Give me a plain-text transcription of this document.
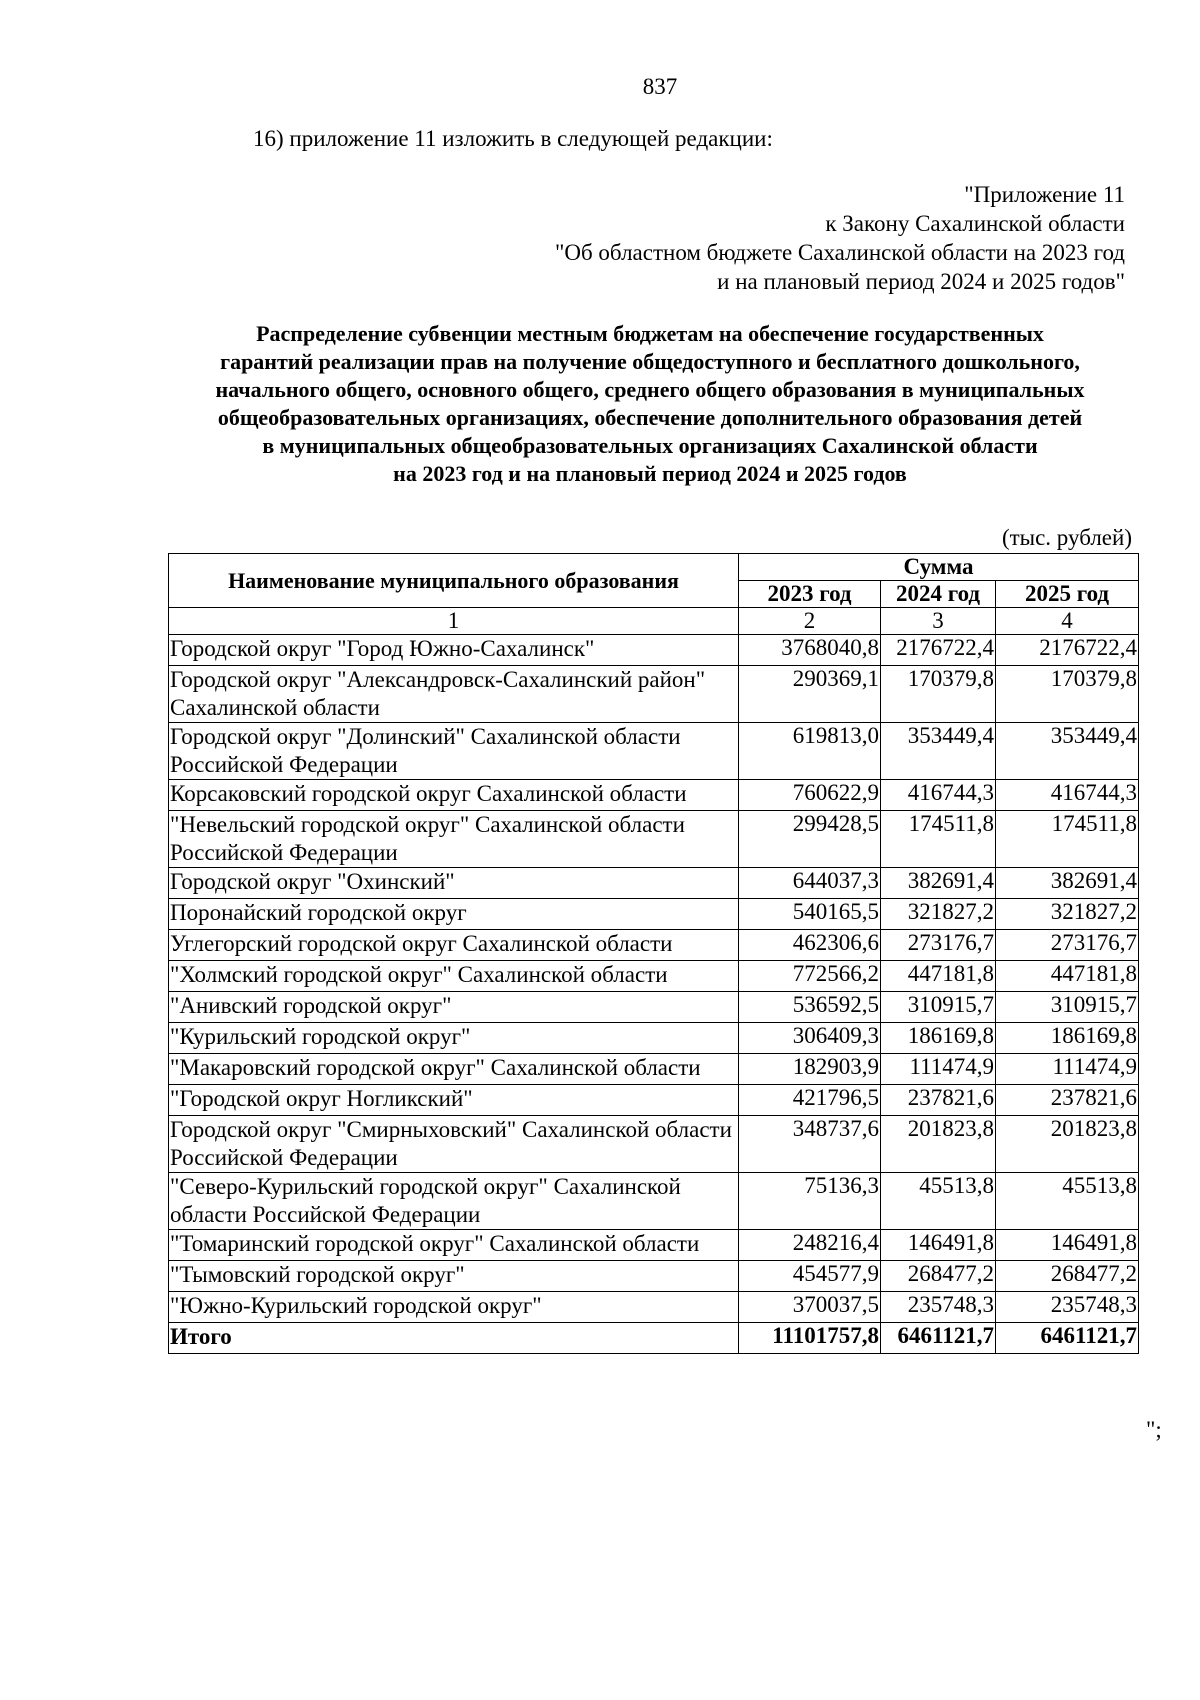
837
16) приложение 11 изложить в следующей редакции:
"Приложение 11
к Закону Сахалинской области
"Об областном бюджете Сахалинской области на 2023 год
и на плановый период 2024 и 2025 годов"
Распределение субвенции местным бюджетам на обеспечение государственных
гарантий реализации прав на получение общедоступного и бесплатного дошкольного,
начального общего, основного общего, среднего общего образования в муниципальных
общеобразовательных организациях, обеспечение дополнительного образования детей
в муниципальных общеобразовательных организациях Сахалинской области
на 2023 год и на плановый период 2024 и 2025 годов
(тыс. рублей)
Наименование муниципального образования	Сумма		
	2023 год	2024 год	2025 год
1	2	3	4
Городской округ "Город Южно-Сахалинск"	3768040,8	2176722,4	2176722,4
Городской округ "Александровск-Сахалинский район" Сахалинской области	290369,1	170379,8	170379,8
Городской округ "Долинский" Сахалинской области Российской Федерации	619813,0	353449,4	353449,4
Корсаковский городской округ Сахалинской области	760622,9	416744,3	416744,3
"Невельский городской округ" Сахалинской области Российской Федерации	299428,5	174511,8	174511,8
Городской округ "Охинский"	644037,3	382691,4	382691,4
Поронайский городской округ	540165,5	321827,2	321827,2
Углегорский городской округ Сахалинской области	462306,6	273176,7	273176,7
"Холмский городской округ" Сахалинской области	772566,2	447181,8	447181,8
"Анивский городской округ"	536592,5	310915,7	310915,7
"Курильский городской округ"	306409,3	186169,8	186169,8
"Макаровский городской округ" Сахалинской области	182903,9	111474,9	111474,9
"Городской округ Ногликский"	421796,5	237821,6	237821,6
Городской округ "Смирныховский" Сахалинской области Российской Федерации	348737,6	201823,8	201823,8
"Северо-Курильский городской округ" Сахалинской области Российской Федерации	75136,3	45513,8	45513,8
"Томаринский городской округ" Сахалинской области	248216,4	146491,8	146491,8
"Тымовский городской округ"	454577,9	268477,2	268477,2
"Южно-Курильский городской округ"	370037,5	235748,3	235748,3
Итого	11101757,8	6461121,7	6461121,7
";
